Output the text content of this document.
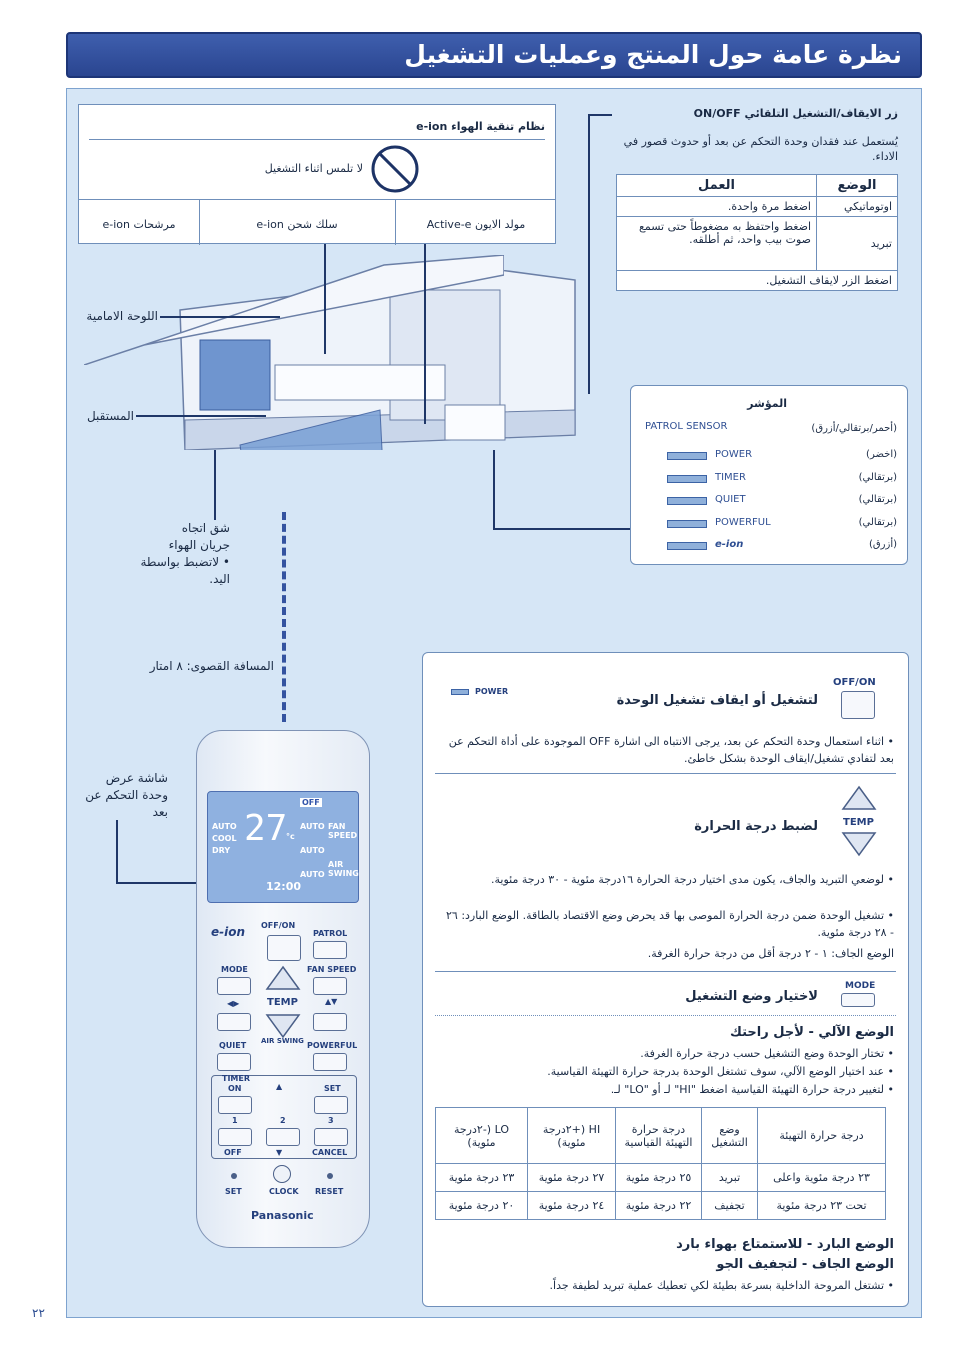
نظرة عامة حول المنتج وعمليات التشغيل
نظام تنقية الهواء e-ion
لا تلمس اثناء التشغيل
مرشحات e-ion	سلك شحن e-ion	مولد الايون Active-e
زر الايقاف/التشغيل التلقائي ON/OFF
يُستعمل عند فقدان وحدة التحكم عن بعد أو حدوث قصور في الاداء.
العمل	الوضع
اضغط مرة واحدة.	اوتوماتيكي
اضغط واحتفظ به مضغوطاً حتى تسمع صوت بيب واحد، ثم أطلقه.	تبريد
اضغط الزر لايقاف التشغيل.	
المؤشر
PATROL SENSOR	(أحمر/برتقالي/أزرق)
POWER	(اخضر)
TIMER	(برتقالي)
QUIET	(برتقالي)
POWERFUL	(برتقالي)
e-ion	(أزرق)
اللوحة الامامية
المستقبل
شق اتجاه جريان الهواء
• لاتضبط بواسطة اليد.
المسافة القصوى: ٨ امتار
شاشة عرض وحدة التحكم عن بعد 27
°c
OFF
AUTO
COOL
DRY
AUTO
AUTO
AUTO
FAN SPEED
AIR SWING
12:00
e-ion OFF/ON
PATROL
MODE	FAN SPEED
TEMP
◀▶	▲▼
QUIET AIR SWING POWERFUL
TIMER
ON	▲	SET
1	2	3
OFF	▼	CANCEL
SET	CLOCK RESET
Panasonic
OFF/ON
POWER
لتشغيل أو ايقاف تشغيل الوحدة
• اثناء استعمال وحدة التحكم عن بعد، يرجى الانتباه الى اشارة OFF الموجودة على أداة التحكم عن بعد لتفادي تشغيل/ايقاف الوحدة بشكل خاطئ.
TEMP
لضبط درجة الحرارة
• لوضعي التبريد والجاف، يكون مدى اختيار درجة الحرارة ١٦درجة مئوية - ٣٠ درجة مئوية.
• تشغيل الوحدة ضمن درجة الحرارة الموصى بها قد يحرض وضع الاقتصاد بالطاقة. الوضع البارد: ٢٦ - ٢٨ درجة مئوية.
الوضع الجاف: ١ - ٢ درجة أقل من درجة حرارة الغرفة.
MODE
لاختيار وضع التشغيل
الوضع الآلي - لأجل راحتك
• تختار الوحدة وضع التشغيل حسب درجة حرارة الغرفة.
• عند اختيار الوضع الآلي، سوف تشتغل الوحدة بدرجة حرارة التهيئة القياسية.
• لتغيير درجة حرارة التهيئة القياسية اضغط "HI" لـ أو "LO" لـ.
LO (-٢درجة مئوية)	HI (+٢درجة مئوية)	درجة حرارة التهيئة القياسية	وضع التشغيل	درجة حرارة التهيئة
٢٣ درجة مئوية	٢٧ درجة مئوية	٢٥ درجة مئوية	تبريد	٢٣ درجة مئوية واعلى
٢٠ درجة مئوية	٢٤ درجة مئوية	٢٢ درجة مئوية	تجفيف	تحت ٢٣ درجة مئوية
الوضع البارد - للاستمتاع بهواء بارد
الوضع الجاف - لتجفيف الجو
• تشتغل المروحة الداخلية بسرعة بطيئة لكي تعطيك عملية تبريد لطيفة جداً.
٢٢
